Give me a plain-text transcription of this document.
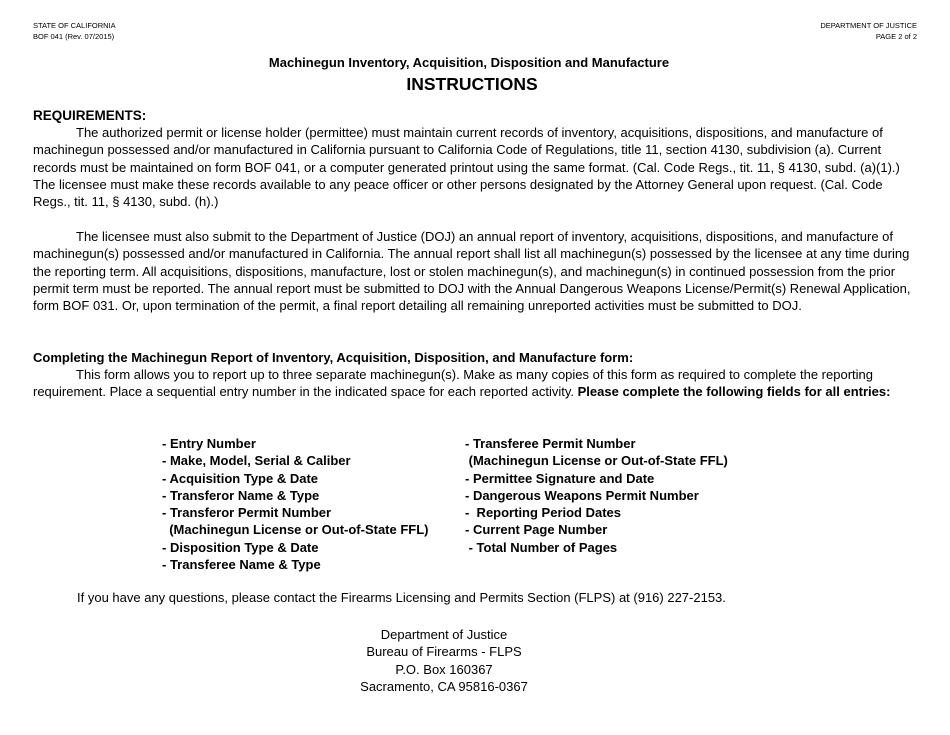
STATE OF CALIFORNIA
BOF 041 (Rev. 07/2015)
DEPARTMENT OF JUSTICE
PAGE 2 of 2
Machinegun Inventory, Acquisition, Disposition and Manufacture
INSTRUCTIONS
REQUIREMENTS:

The authorized permit or license holder (permittee) must maintain current records of inventory, acquisitions, dispositions, and manufacture of machinegun possessed and/or manufactured in California pursuant to California Code of Regulations, title 11, section 4130, subdivision (a). Current records must be maintained on form BOF 041, or a computer generated printout using the same format. (Cal. Code Regs., tit. 11, § 4130, subd. (a)(1).) The licensee must make these records available to any peace officer or other persons designated by the Attorney General upon request. (Cal. Code Regs., tit. 11, § 4130, subd. (h).)

The licensee must also submit to the Department of Justice (DOJ) an annual report of inventory, acquisitions, dispositions, and manufacture of machinegun(s) possessed and/or manufactured in California. The annual report shall list all machinegun(s) possessed by the licensee at any time during the reporting term. All acquisitions, dispositions, manufacture, lost or stolen machinegun(s), and machinegun(s) in continued possession from the prior permit term must be reported. The annual report must be submitted to DOJ with the Annual Dangerous Weapons License/Permit(s) Renewal Application, form BOF 031. Or, upon termination of the permit, a final report detailing all remaining unreported activities must be submitted to DOJ.

Completing the Machinegun Report of Inventory, Acquisition, Disposition, and Manufacture form:

This form allows you to report up to three separate machinegun(s). Make as many copies of this form as required to complete the reporting requirement. Place a sequential entry number in the indicated space for each reported activity. Please complete the following fields for all entries:

- Entry Number
- Make, Model, Serial & Caliber
- Acquisition Type & Date
- Transferor Name & Type
- Transferor Permit Number
(Machinegun License or Out-of-State FFL)
- Disposition Type & Date
- Transferee Name & Type
- Transferee Permit Number
(Machinegun License or Out-of-State FFL)
- Permittee Signature and Date
- Dangerous Weapons Permit Number
-  Reporting Period Dates
- Current Page Number
- Total Number of Pages
If you have any questions, please contact the Firearms Licensing and Permits Section (FLPS) at (916) 227-2153.
Department of Justice
Bureau of Firearms - FLPS
P.O. Box 160367
Sacramento, CA 95816-0367
